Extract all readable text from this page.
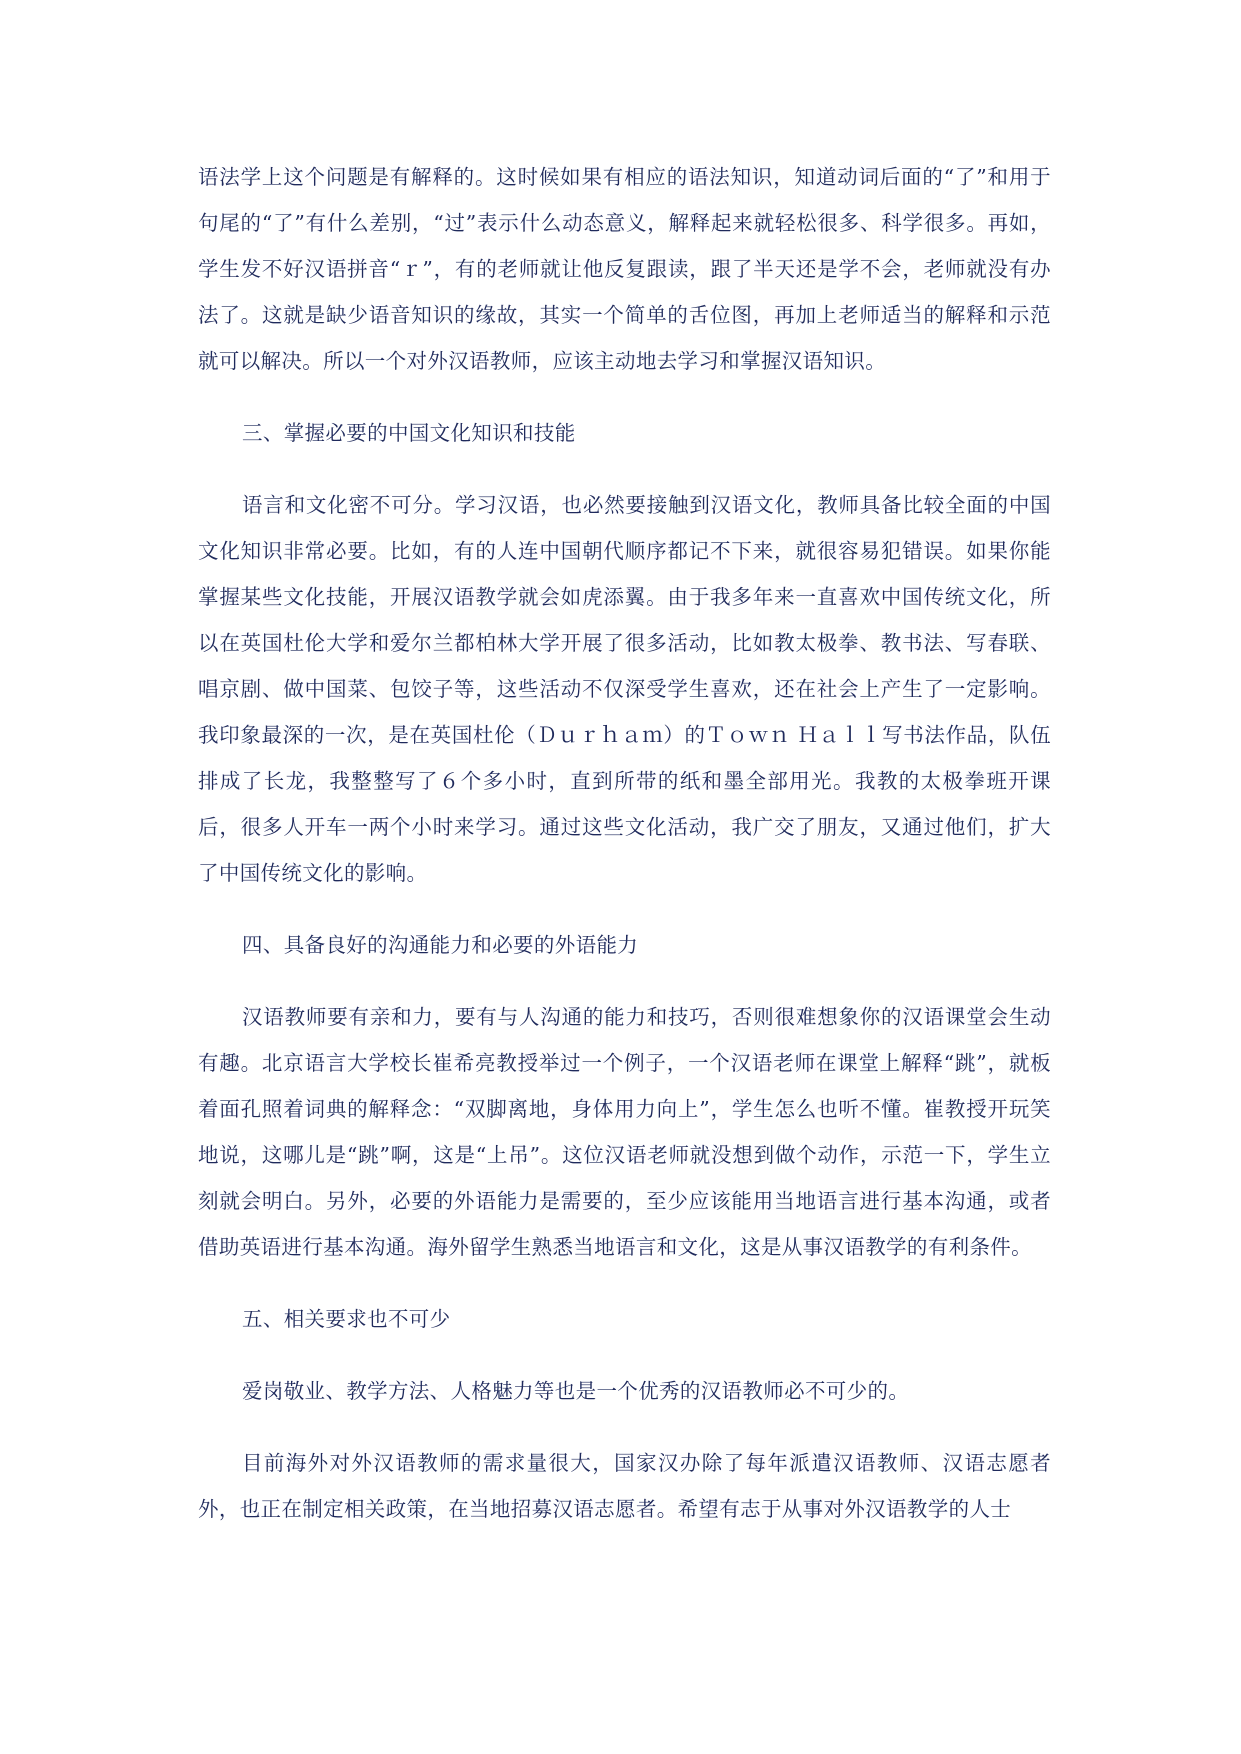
语法学上这个问题是有解释的。这时候如果有相应的语法知识，知道动词后面的“了”和用于句尾的“了”有什么差别，“过”表示什么动态意义，解释起来就轻松很多、科学很多。再如，学生发不好汉语拼音“ｒ”，有的老师就让他反复跟读，跟了半天还是学不会，老师就没有办法了。这就是缺少语音知识的缘故，其实一个简单的舌位图，再加上老师适当的解释和示范就可以解决。所以一个对外汉语教师，应该主动地去学习和掌握汉语知识。

三、掌握必要的中国文化知识和技能

语言和文化密不可分。学习汉语，也必然要接触到汉语文化，教师具备比较全面的中国文化知识非常必要。比如，有的人连中国朝代顺序都记不下来，就很容易犯错误。如果你能掌握某些文化技能，开展汉语教学就会如虎添翼。由于我多年来一直喜欢中国传统文化，所以在英国杜伦大学和爱尔兰都柏林大学开展了很多活动，比如教太极拳、教书法、写春联、唱京剧、做中国菜、包饺子等，这些活动不仅深受学生喜欢，还在社会上产生了一定影响。我印象最深的一次，是在英国杜伦（Ｄｕｒｈａｍ）的Ｔｏｗｎ Ｈａｌｌ写书法作品，队伍排成了长龙，我整整写了６个多小时，直到所带的纸和墨全部用光。我教的太极拳班开课后，很多人开车一两个小时来学习。通过这些文化活动，我广交了朋友，又通过他们，扩大了中国传统文化的影响。

四、具备良好的沟通能力和必要的外语能力

汉语教师要有亲和力，要有与人沟通的能力和技巧，否则很难想象你的汉语课堂会生动有趣。北京语言大学校长崔希亮教授举过一个例子，一个汉语老师在课堂上解释“跳”，就板着面孔照着词典的解释念：“双脚离地，身体用力向上”，学生怎么也听不懂。崔教授开玩笑地说，这哪儿是“跳”啊，这是“上吊”。这位汉语老师就没想到做个动作，示范一下，学生立刻就会明白。另外，必要的外语能力是需要的，至少应该能用当地语言进行基本沟通，或者借助英语进行基本沟通。海外留学生熟悉当地语言和文化，这是从事汉语教学的有利条件。

五、相关要求也不可少

爱岗敬业、教学方法、人格魅力等也是一个优秀的汉语教师必不可少的。

目前海外对外汉语教师的需求量很大，国家汉办除了每年派遣汉语教师、汉语志愿者外，也正在制定相关政策，在当地招募汉语志愿者。希望有志于从事对外汉语教学的人士
